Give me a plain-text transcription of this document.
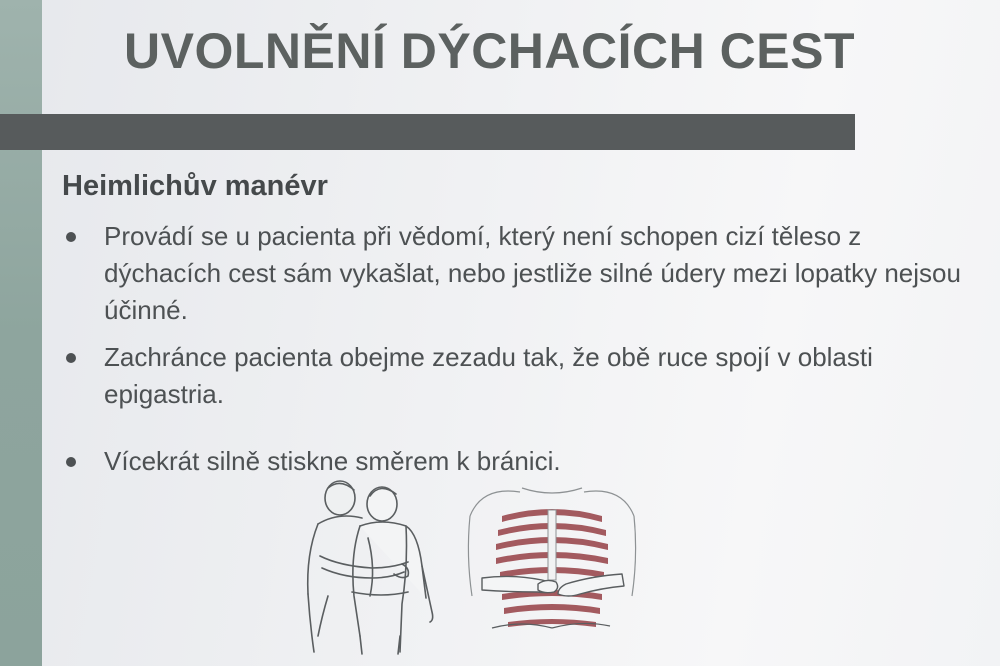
UVOLNĚNÍ DÝCHACÍCH CEST
Heimlichův manévr
Provádí se u pacienta při vědomí, který není schopen cizí těleso z dýchacích cest sám vykašlat, nebo jestliže silné údery mezi lopatky nejsou účinné.
Zachránce pacienta obejme zezadu tak, že obě ruce spojí v oblasti epigastria.
Vícekrát silně stiskne směrem k bránici.
